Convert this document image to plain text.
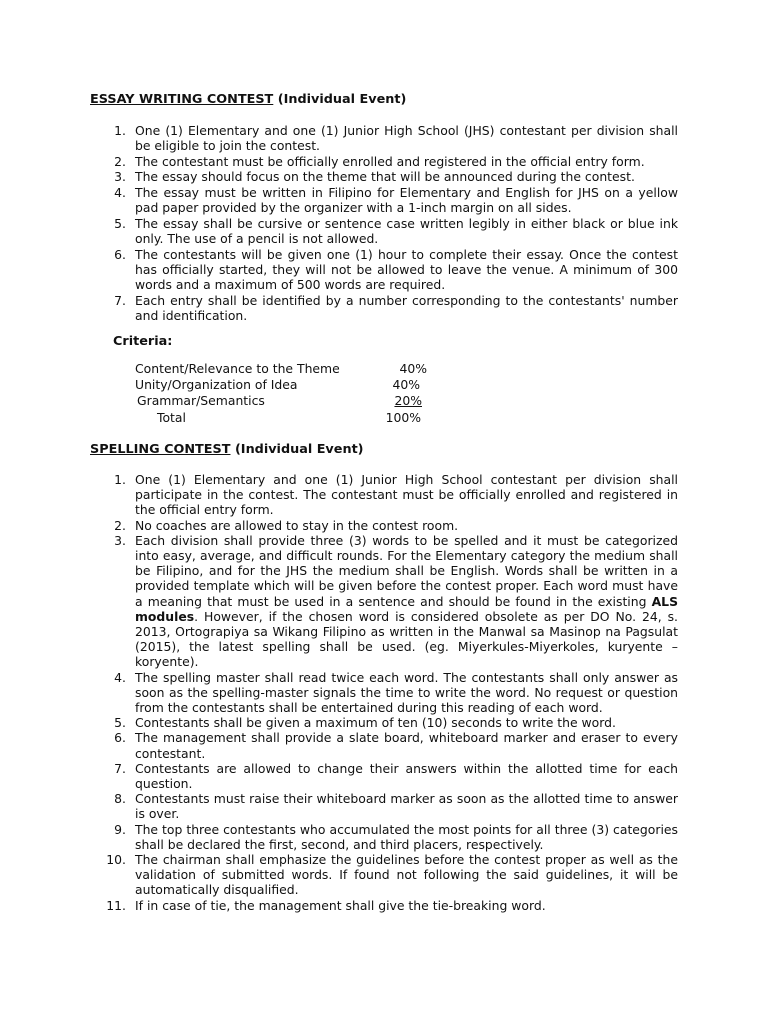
ESSAY WRITING CONTEST (Individual Event)
1. One (1) Elementary and one (1) Junior High School (JHS) contestant per division shall be eligible to join the contest.
2. The contestant must be officially enrolled and registered in the official entry form.
3. The essay should focus on the theme that will be announced during the contest.
4. The essay must be written in Filipino for Elementary and English for JHS on a yellow pad paper provided by the organizer with a 1-inch margin on all sides.
5. The essay shall be cursive or sentence case written legibly in either black or blue ink only. The use of a pencil is not allowed.
6. The contestants will be given one (1) hour to complete their essay. Once the contest has officially started, they will not be allowed to leave the venue. A minimum of 300 words and a maximum of 500 words are required.
7. Each entry shall be identified by a number corresponding to the contestants' number and identification.
Criteria:
Content/Relevance to the Theme	40%
Unity/Organization of Idea	40%
Grammar/Semantics	20%
Total	100%
SPELLING CONTEST (Individual Event)
1. One (1) Elementary and one (1) Junior High School contestant per division shall participate in the contest. The contestant must be officially enrolled and registered in the official entry form.
2. No coaches are allowed to stay in the contest room.
3. Each division shall provide three (3) words to be spelled and it must be categorized into easy, average, and difficult rounds. For the Elementary category the medium shall be Filipino, and for the JHS the medium shall be English. Words shall be written in a provided template which will be given before the contest proper. Each word must have a meaning that must be used in a sentence and should be found in the existing ALS modules. However, if the chosen word is considered obsolete as per DO No. 24, s. 2013, Ortograpiya sa Wikang Filipino as written in the Manwal sa Masinop na Pagsulat (2015), the latest spelling shall be used. (eg. Miyerkules-Miyerkoles, kuryente – koryente).
4. The spelling master shall read twice each word. The contestants shall only answer as soon as the spelling-master signals the time to write the word. No request or question from the contestants shall be entertained during this reading of each word.
5. Contestants shall be given a maximum of ten (10) seconds to write the word.
6. The management shall provide a slate board, whiteboard marker and eraser to every contestant.
7. Contestants are allowed to change their answers within the allotted time for each question.
8. Contestants must raise their whiteboard marker as soon as the allotted time to answer is over.
9. The top three contestants who accumulated the most points for all three (3) categories shall be declared the first, second, and third placers, respectively.
10. The chairman shall emphasize the guidelines before the contest proper as well as the validation of submitted words. If found not following the said guidelines, it will be automatically disqualified.
11. If in case of tie, the management shall give the tie-breaking word.
